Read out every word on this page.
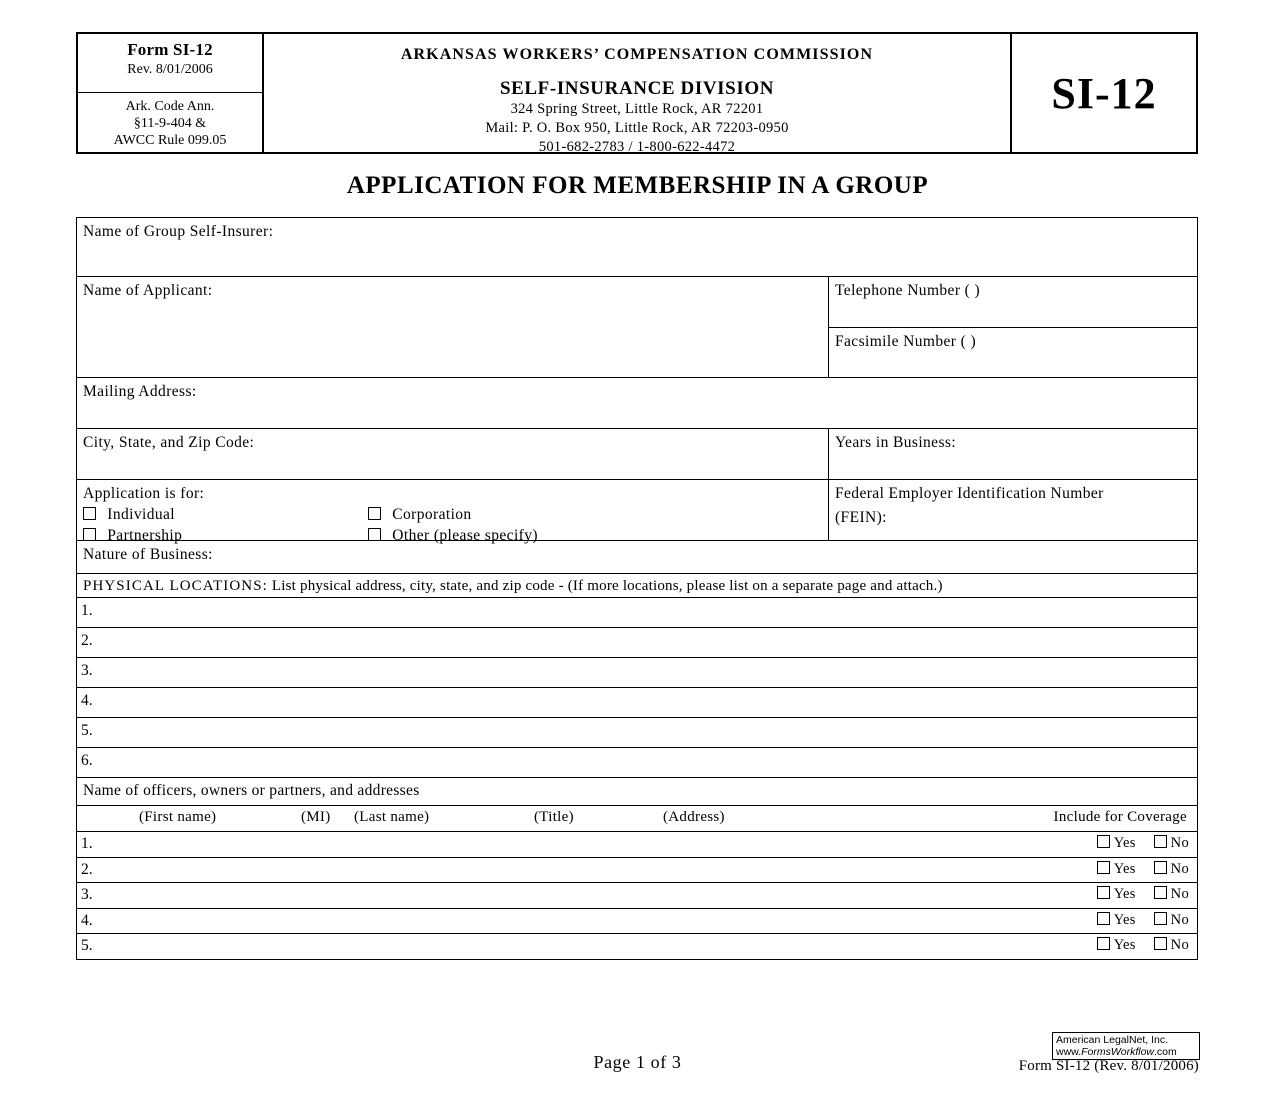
Form SI-12
Rev. 8/01/2006
Ark. Code Ann.
§11-9-404 &
AWCC Rule 099.05
ARKANSAS WORKERS’ COMPENSATION COMMISSION
SELF-INSURANCE DIVISION
324 Spring Street, Little Rock, AR 72201
Mail: P. O. Box 950, Little Rock, AR 72203-0950
501-682-2783 / 1-800-622-4472
SI-12
APPLICATION FOR MEMBERSHIP IN A GROUP
Name of Group Self-Insurer:
Name of Applicant:	Telephone Number ( )
Facsimile Number ( )
Mailing Address:
City, State, and Zip Code:	Years in Business:
Application is for:
Individual	Corporation
Partnership	Other (please specify)
Federal Employer Identification Number
(FEIN):
Nature of Business:
PHYSICAL LOCATIONS: List physical address, city, state, and zip code - (If more locations, please list on a separate page and attach.)
1.
2.
3.
4.
5.
6.
Name of officers, owners or partners, and addresses
(First name)	(MI) (Last name)	(Title)	(Address)	Include for Coverage
1.	Yes No
2.	Yes No
3.	Yes No
4.	Yes No
5.	Yes No
American LegalNet, Inc.
www.FormsWorkflow.com
Page 1 of 3	Form SI-12 (Rev. 8/01/2006)
